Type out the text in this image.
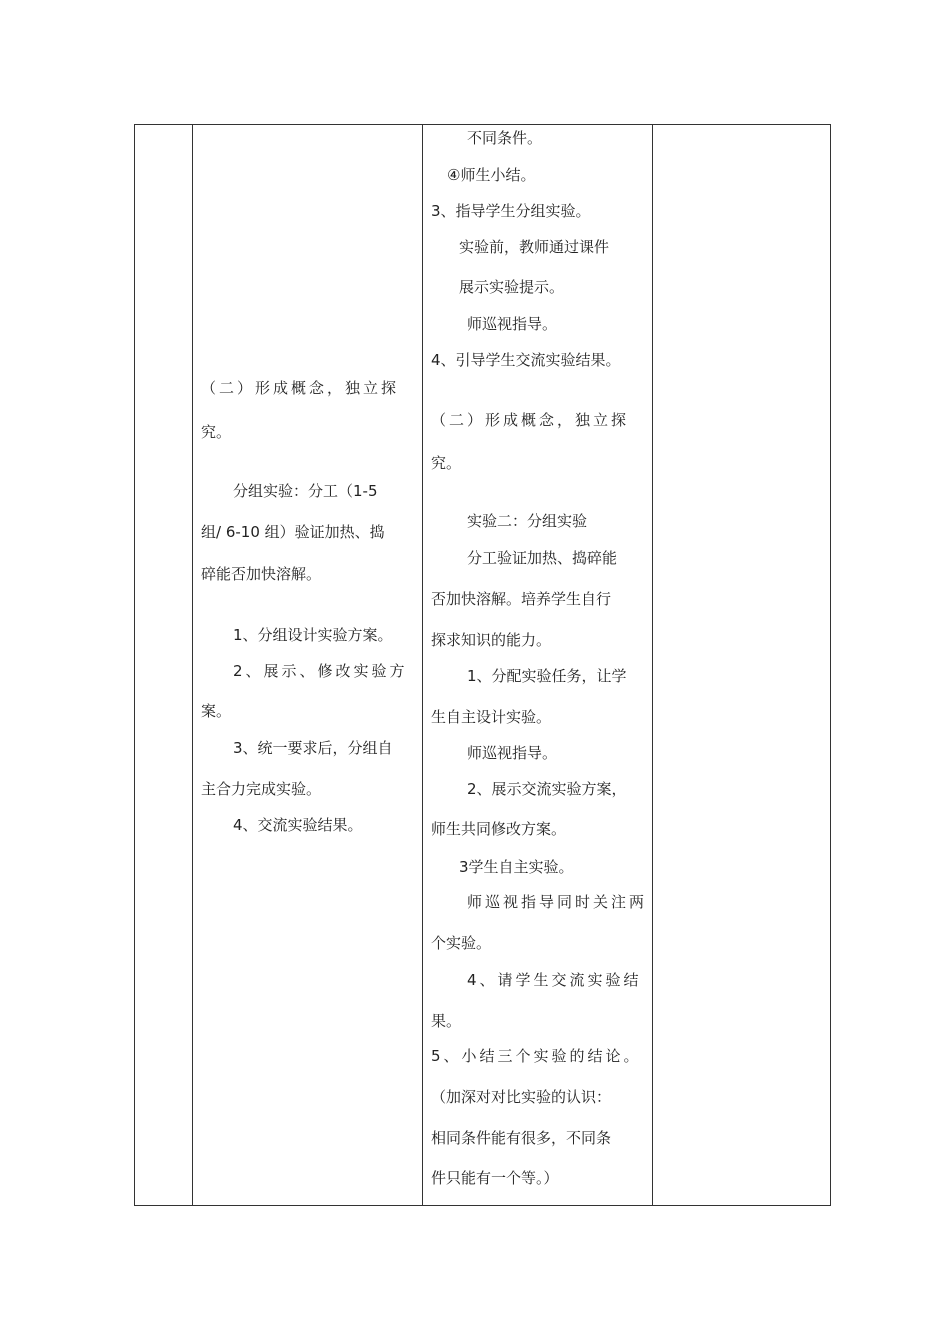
（二）形成概念，独立探
究。
分组实验：分工（1-5
组/ 6-10 组）验证加热、捣
碎能否加快溶解。
1、分组设计实验方案。
2、展示、修改实验方
案。
3、统一要求后，分组自
主合力完成实验。
4、交流实验结果。
不同条件。
④师生小结。
3、指导学生分组实验。
实验前，教师通过课件
展示实验提示。
师巡视指导。
4、引导学生交流实验结果。
（二）形成概念，独立探
究。
实验二：分组实验
分工验证加热、捣碎能
否加快溶解。培养学生自行
探求知识的能力。
1、分配实验任务，让学
生自主设计实验。
师巡视指导。
2、展示交流实验方案，
师生共同修改方案。
3学生自主实验。
师巡视指导同时关注两
个实验。
4、请学生交流实验结
果。
5、小结三个实验的结论。
（加深对对比实验的认识：
相同条件能有很多，不同条
件只能有一个等。）
